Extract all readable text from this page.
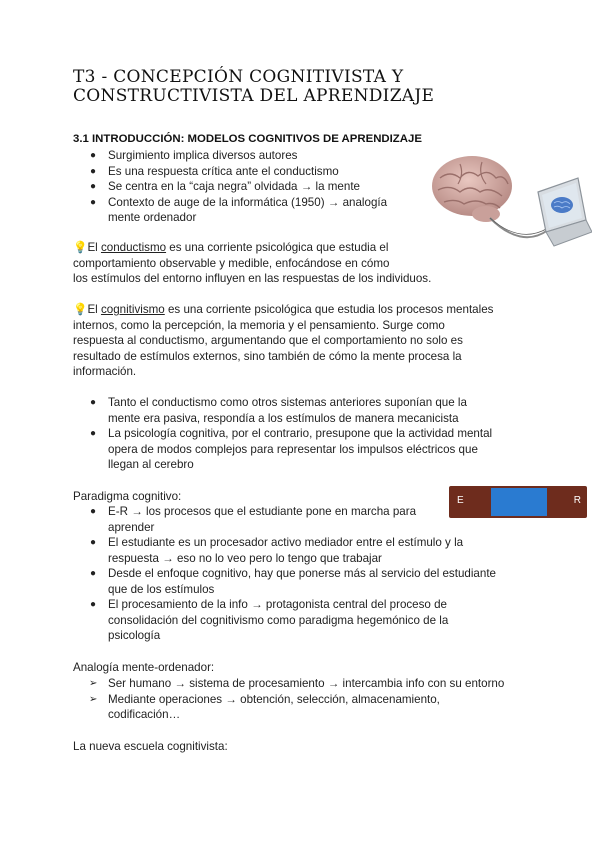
T3 - CONCEPCIÓN COGNITIVISTA Y CONSTRUCTIVISTA DEL APRENDIZAJE
3.1 INTRODUCCIÓN: MODELOS COGNITIVOS DE APRENDIZAJE
● Surgimiento implica diversos autores
● Es una respuesta crítica ante el conductismo
● Se centra en la “caja negra” olvidada → la mente
● Contexto de auge de la informática (1950) → analogía mente ordenador

💡El conductismo es una corriente psicológica que estudia el
comportamiento observable y medible, enfocándose en cómo
los estímulos del entorno influyen en las respuestas de los individuos.

💡El cognitivismo es una corriente psicológica que estudia los procesos mentales
internos, como la percepción, la memoria y el pensamiento. Surge como
respuesta al conductismo, argumentando que el comportamiento no solo es
resultado de estímulos externos, sino también de cómo la mente procesa la
información.

● Tanto el conductismo como otros sistemas anteriores suponían que la
mente era pasiva, respondía a los estímulos de manera mecanicista
● La psicología cognitiva, por el contrario, presupone que la actividad mental
opera de modos complejos para representar los impulsos eléctricos que
llegan al cerebro

Paradigma cognitivo:	E	R
● E-R → los procesos que el estudiante pone en marcha para
aprender
● El estudiante es un procesador activo mediador entre el estímulo y la
respuesta → eso no lo veo pero lo tengo que trabajar
● Desde el enfoque cognitivo, hay que ponerse más al servicio del estudiante
que de los estímulos
● El procesamiento de la info → protagonista central del proceso de
consolidación del cognitivismo como paradigma hegemónico de la
psicología

Analogía mente-ordenador:

➢ Ser humano → sistema de procesamiento → intercambia info con su entorno
➢ Mediante operaciones → obtención, selección, almacenamiento,
codificación…

La nueva escuela cognitivista:
